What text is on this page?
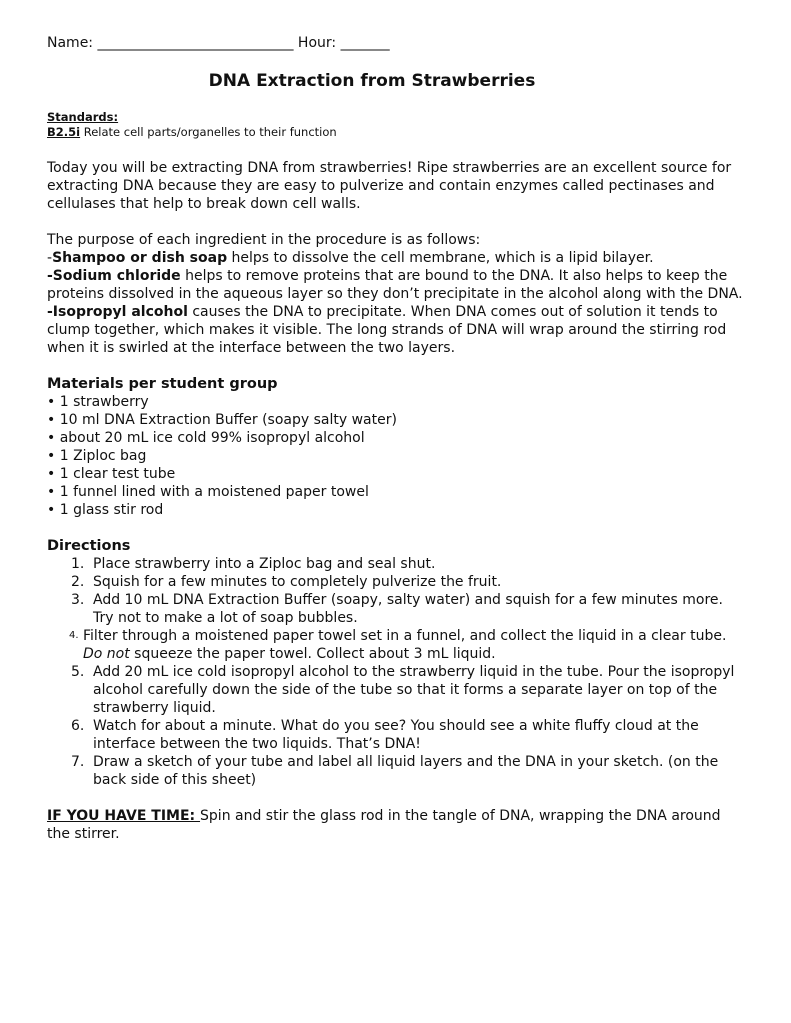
Name: ____________________________ Hour: _______
DNA Extraction from Strawberries
Standards:
B2.5i Relate cell parts/organelles to their function

Today you will be extracting DNA from strawberries! Ripe strawberries are an excellent source for extracting DNA because they are easy to pulverize and contain enzymes called pectinases and cellulases that help to break down cell walls.

The purpose of each ingredient in the procedure is as follows:

-Shampoo or dish soap helps to dissolve the cell membrane, which is a lipid bilayer.

-Sodium chloride helps to remove proteins that are bound to the DNA. It also helps to keep the proteins dissolved in the aqueous layer so they don’t precipitate in the alcohol along with the DNA.

-Isopropyl alcohol causes the DNA to precipitate. When DNA comes out of solution it tends to clump together, which makes it visible. The long strands of DNA will wrap around the stirring rod when it is swirled at the interface between the two layers.

Materials per student group
• 1 strawberry
• 10 ml DNA Extraction Buffer (soapy salty water)
• about 20 mL ice cold 99% isopropyl alcohol
• 1 Ziploc bag
• 1 clear test tube
• 1 funnel lined with a moistened paper towel
• 1 glass stir rod
Directions
1. Place strawberry into a Ziploc bag and seal shut.
2. Squish for a few minutes to completely pulverize the fruit.
3. Add 10 mL DNA Extraction Buffer (soapy, salty water) and squish for a few minutes more. Try not to make a lot of soap bubbles.
4. Filter through a moistened paper towel set in a funnel, and collect the liquid in a clear tube. Do not squeeze the paper towel. Collect about 3 mL liquid.
5. Add 20 mL ice cold isopropyl alcohol to the strawberry liquid in the tube. Pour the isopropyl alcohol carefully down the side of the tube so that it forms a separate layer on top of the strawberry liquid.
6. Watch for about a minute. What do you see? You should see a white fluffy cloud at the interface between the two liquids. That’s DNA!
7. Draw a sketch of your tube and label all liquid layers and the DNA in your sketch. (on the back side of this sheet)

IF YOU HAVE TIME: Spin and stir the glass rod in the tangle of DNA, wrapping the DNA around the stirrer.
